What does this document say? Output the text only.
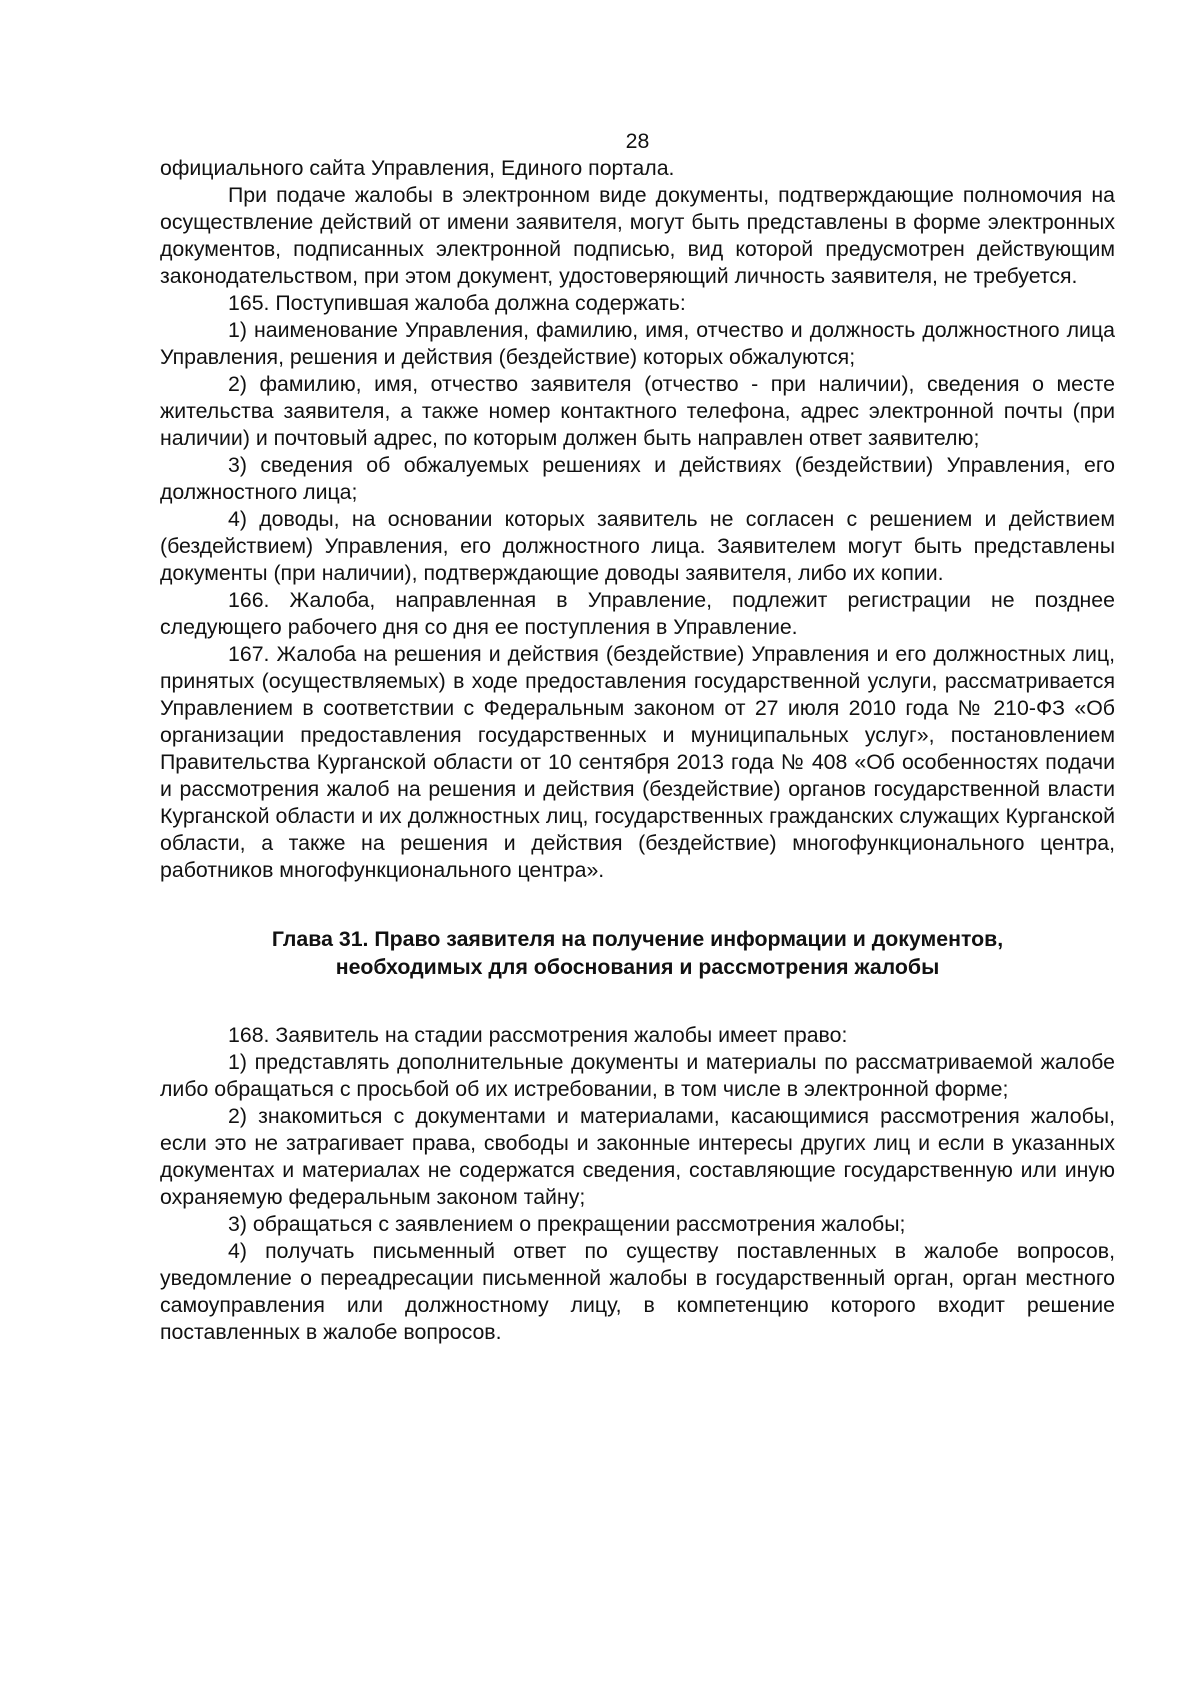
28

официального сайта Управления, Единого портала.

При подаче жалобы в электронном виде документы, подтверждающие полномочия на осуществление действий от имени заявителя, могут быть представлены в форме электронных документов, подписанных электронной подписью, вид которой предусмотрен действующим законодательством, при этом документ, удостоверяющий личность заявителя, не требуется.

165. Поступившая жалоба должна содержать:

1) наименование Управления, фамилию, имя, отчество и должность должностного лица Управления, решения и действия (бездействие) которых обжалуются;

2) фамилию, имя, отчество заявителя (отчество - при наличии), сведения о месте жительства заявителя, а также номер контактного телефона, адрес электронной почты (при наличии) и почтовый адрес, по которым должен быть направлен ответ заявителю;

3) сведения об обжалуемых решениях и действиях (бездействии) Управления, его должностного лица;

4) доводы, на основании которых заявитель не согласен с решением и действием (бездействием) Управления, его должностного лица. Заявителем могут быть представлены документы (при наличии), подтверждающие доводы заявителя, либо их копии.

166. Жалоба, направленная в Управление, подлежит регистрации не позднее следующего рабочего дня со дня ее поступления в Управление.

167. Жалоба на решения и действия (бездействие) Управления и его должностных лиц, принятых (осуществляемых) в ходе предоставления государственной услуги, рассматривается Управлением в соответствии с Федеральным законом от 27 июля 2010 года № 210-ФЗ «Об организации предоставления государственных и муниципальных услуг», постановлением Правительства Курганской области от 10 сентября 2013 года № 408 «Об особенностях подачи и рассмотрения жалоб на решения и действия (бездействие) органов государственной власти Курганской области и их должностных лиц, государственных гражданских служащих Курганской области, а также на решения и действия (бездействие) многофункционального центра, работников многофункционального центра».

Глава 31. Право заявителя на получение информации и документов,
необходимых для обоснования и рассмотрения жалобы

168. Заявитель на стадии рассмотрения жалобы имеет право:

1) представлять дополнительные документы и материалы по рассматриваемой жалобе либо обращаться с просьбой об их истребовании, в том числе в электронной форме;

2) знакомиться с документами и материалами, касающимися рассмотрения жалобы, если это не затрагивает права, свободы и законные интересы других лиц и если в указанных документах и материалах не содержатся сведения, составляющие государственную или иную охраняемую федеральным законом тайну;

3) обращаться с заявлением о прекращении рассмотрения жалобы;

4) получать письменный ответ по существу поставленных в жалобе вопросов, уведомление о переадресации письменной жалобы в государственный орган, орган местного самоуправления или должностному лицу, в компетенцию которого входит решение поставленных в жалобе вопросов.
